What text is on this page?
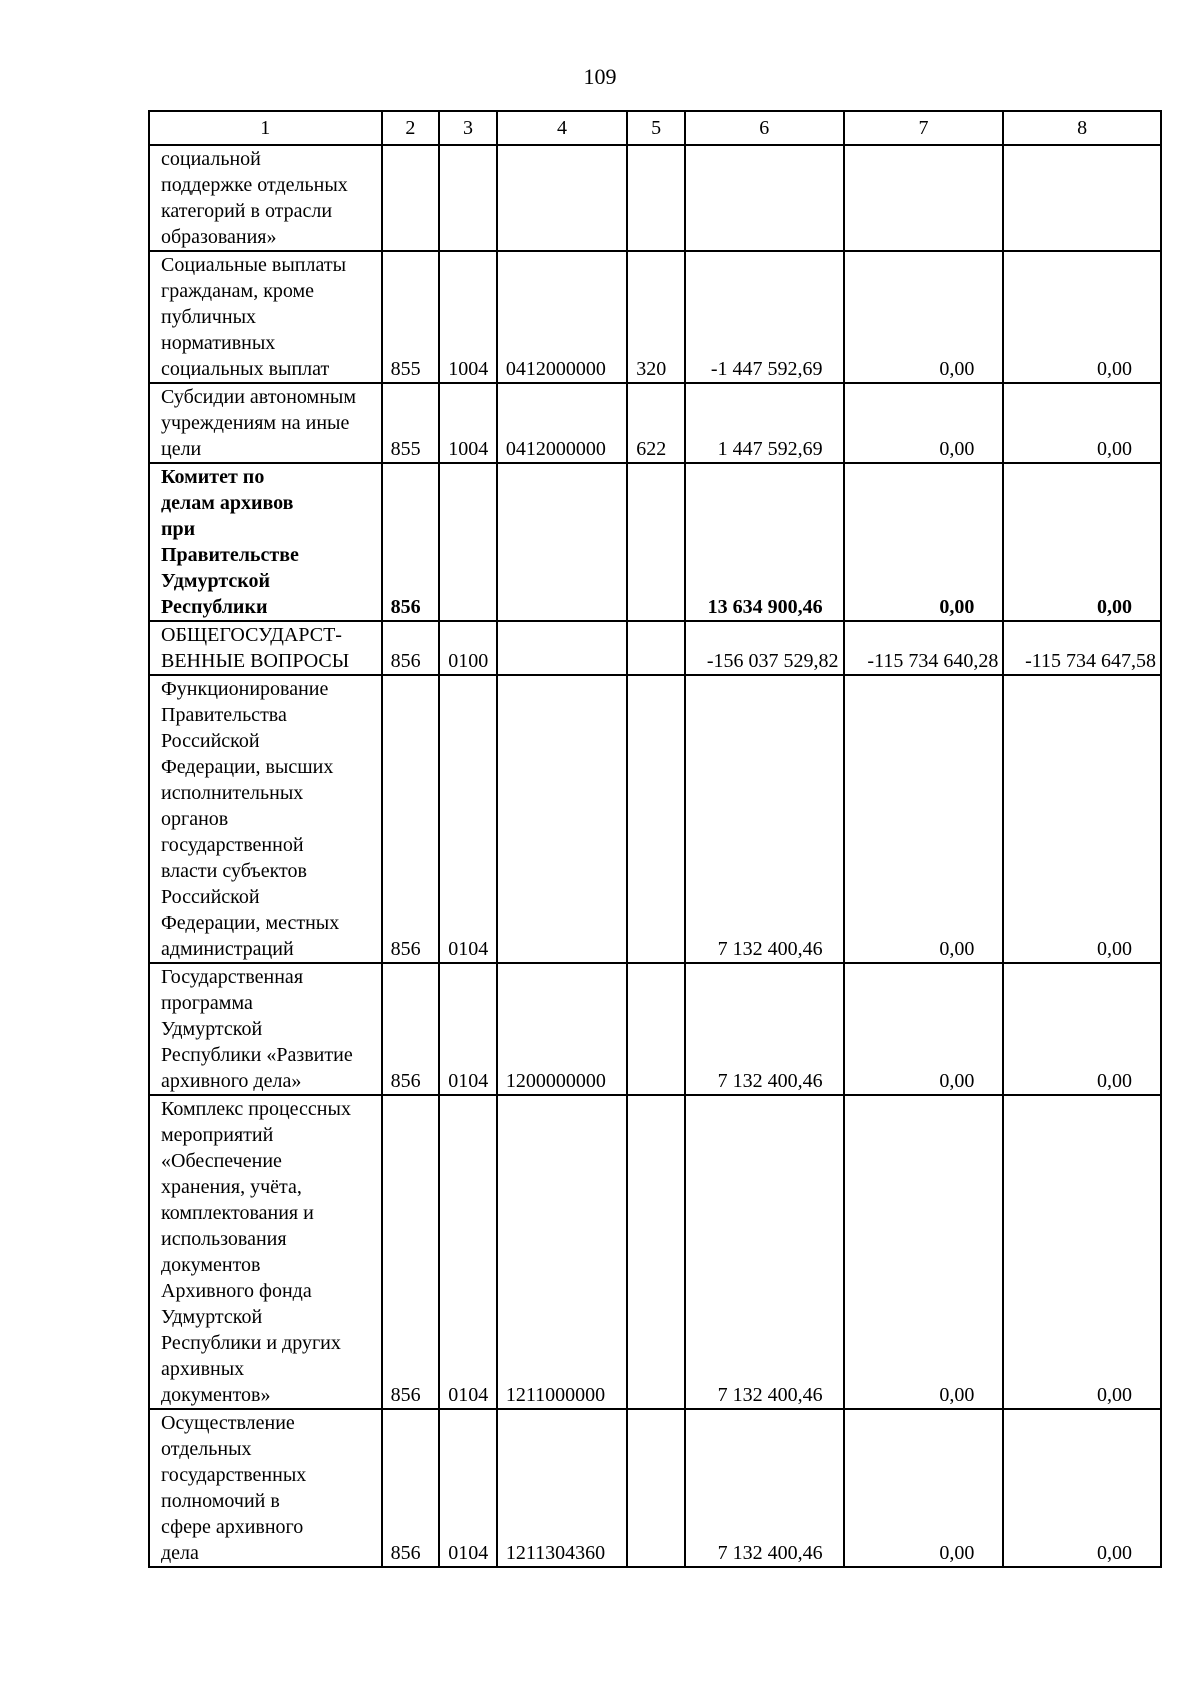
109
1	2	3	4	5	6	7	8

социальной поддержке отдельных категорий в отрасли образования»							

Социальные выплаты гражданам, кроме публичных нормативных социальных выплат	855	1004	0412000000	320	-1 447 592,69	0,00	0,00

Субсидии автономным учреждениям на иные цели	855	1004	0412000000	622	1 447 592,69	0,00	0,00

Комитет по делам архивов при Правительстве Удмуртской Республики	856				13 634 900,46	0,00	0,00

ОБЩЕГОСУДАРСТ-ВЕННЫЕ ВОПРОСЫ	856	0100			-156 037 529,82	-115 734 640,28	-115 734 647,58

Функционирование Правительства Российской Федерации, высших исполнительных органов государственной власти субъектов Российской Федерации, местных администраций	856	0104			7 132 400,46	0,00	0,00

Государственная программа Удмуртской Республики «Развитие архивного дела»	856	0104	1200000000		7 132 400,46	0,00	0,00

Комплекс процессных мероприятий «Обеспечение хранения, учёта, комплектования и использования документов Архивного фонда Удмуртской Республики и других архивных документов»	856	0104	1211000000		7 132 400,46	0,00	0,00

Осуществление отдельных государственных полномочий в сфере архивного дела	856	0104	1211304360		7 132 400,46	0,00	0,00
